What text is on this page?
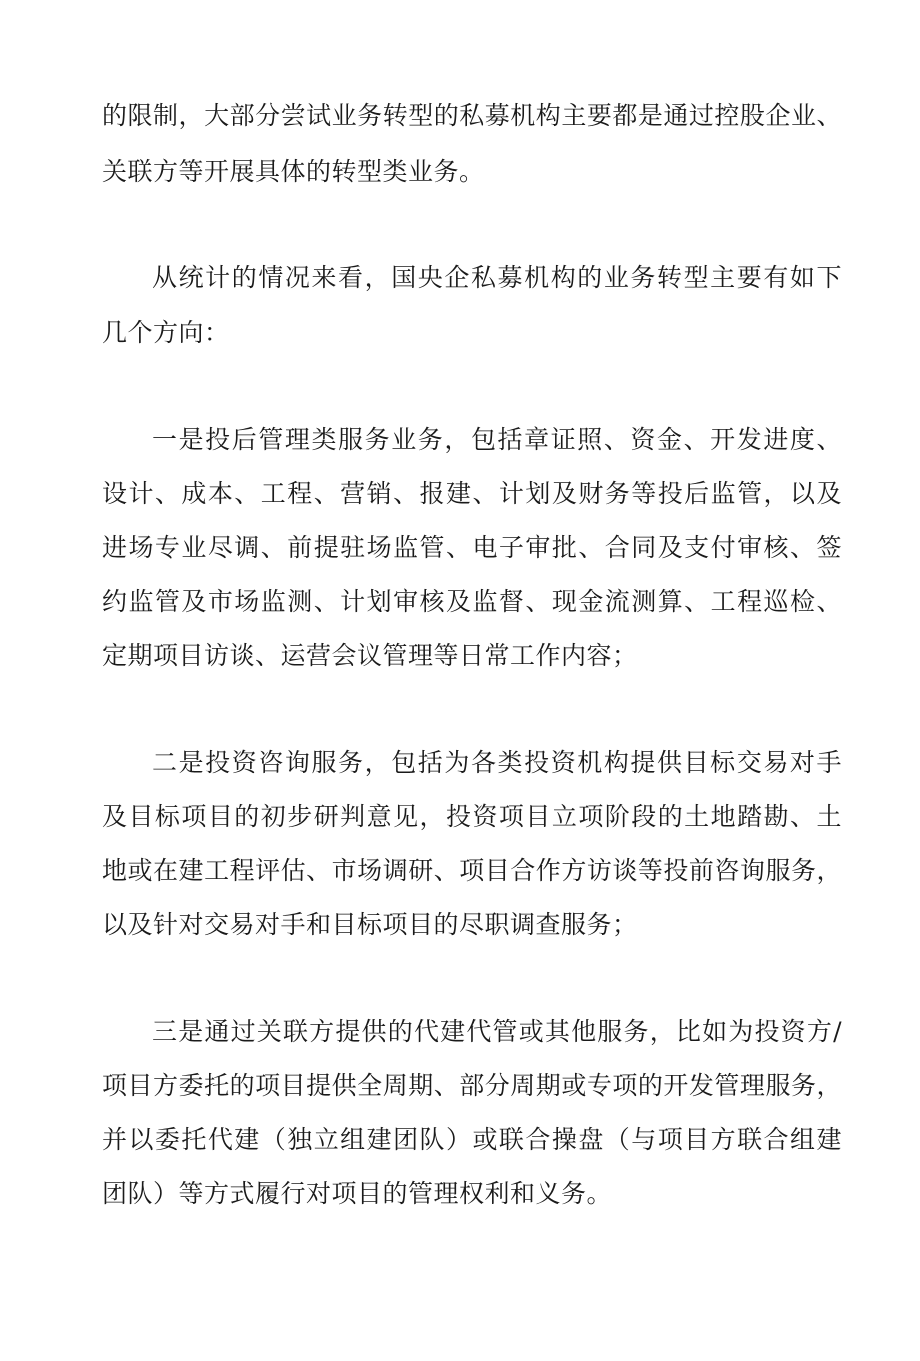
的限制，大部分尝试业务转型的私募机构主要都是通过控股企业、
关联方等开展具体的转型类业务。
从统计的情况来看，国央企私募机构的业务转型主要有如下
几个方向：
一是投后管理类服务业务，包括章证照、资金、开发进度、
设计、成本、工程、营销、报建、计划及财务等投后监管，以及
进场专业尽调、前提驻场监管、电子审批、合同及支付审核、签
约监管及市场监测、计划审核及监督、现金流测算、工程巡检、
定期项目访谈、运营会议管理等日常工作内容；
二是投资咨询服务，包括为各类投资机构提供目标交易对手
及目标项目的初步研判意见，投资项目立项阶段的土地踏勘、土
地或在建工程评估、市场调研、项目合作方访谈等投前咨询服务，
以及针对交易对手和目标项目的尽职调查服务；
三是通过关联方提供的代建代管或其他服务，比如为投资方/
项目方委托的项目提供全周期、部分周期或专项的开发管理服务，
并以委托代建（独立组建团队）或联合操盘（与项目方联合组建
团队）等方式履行对项目的管理权利和义务。
